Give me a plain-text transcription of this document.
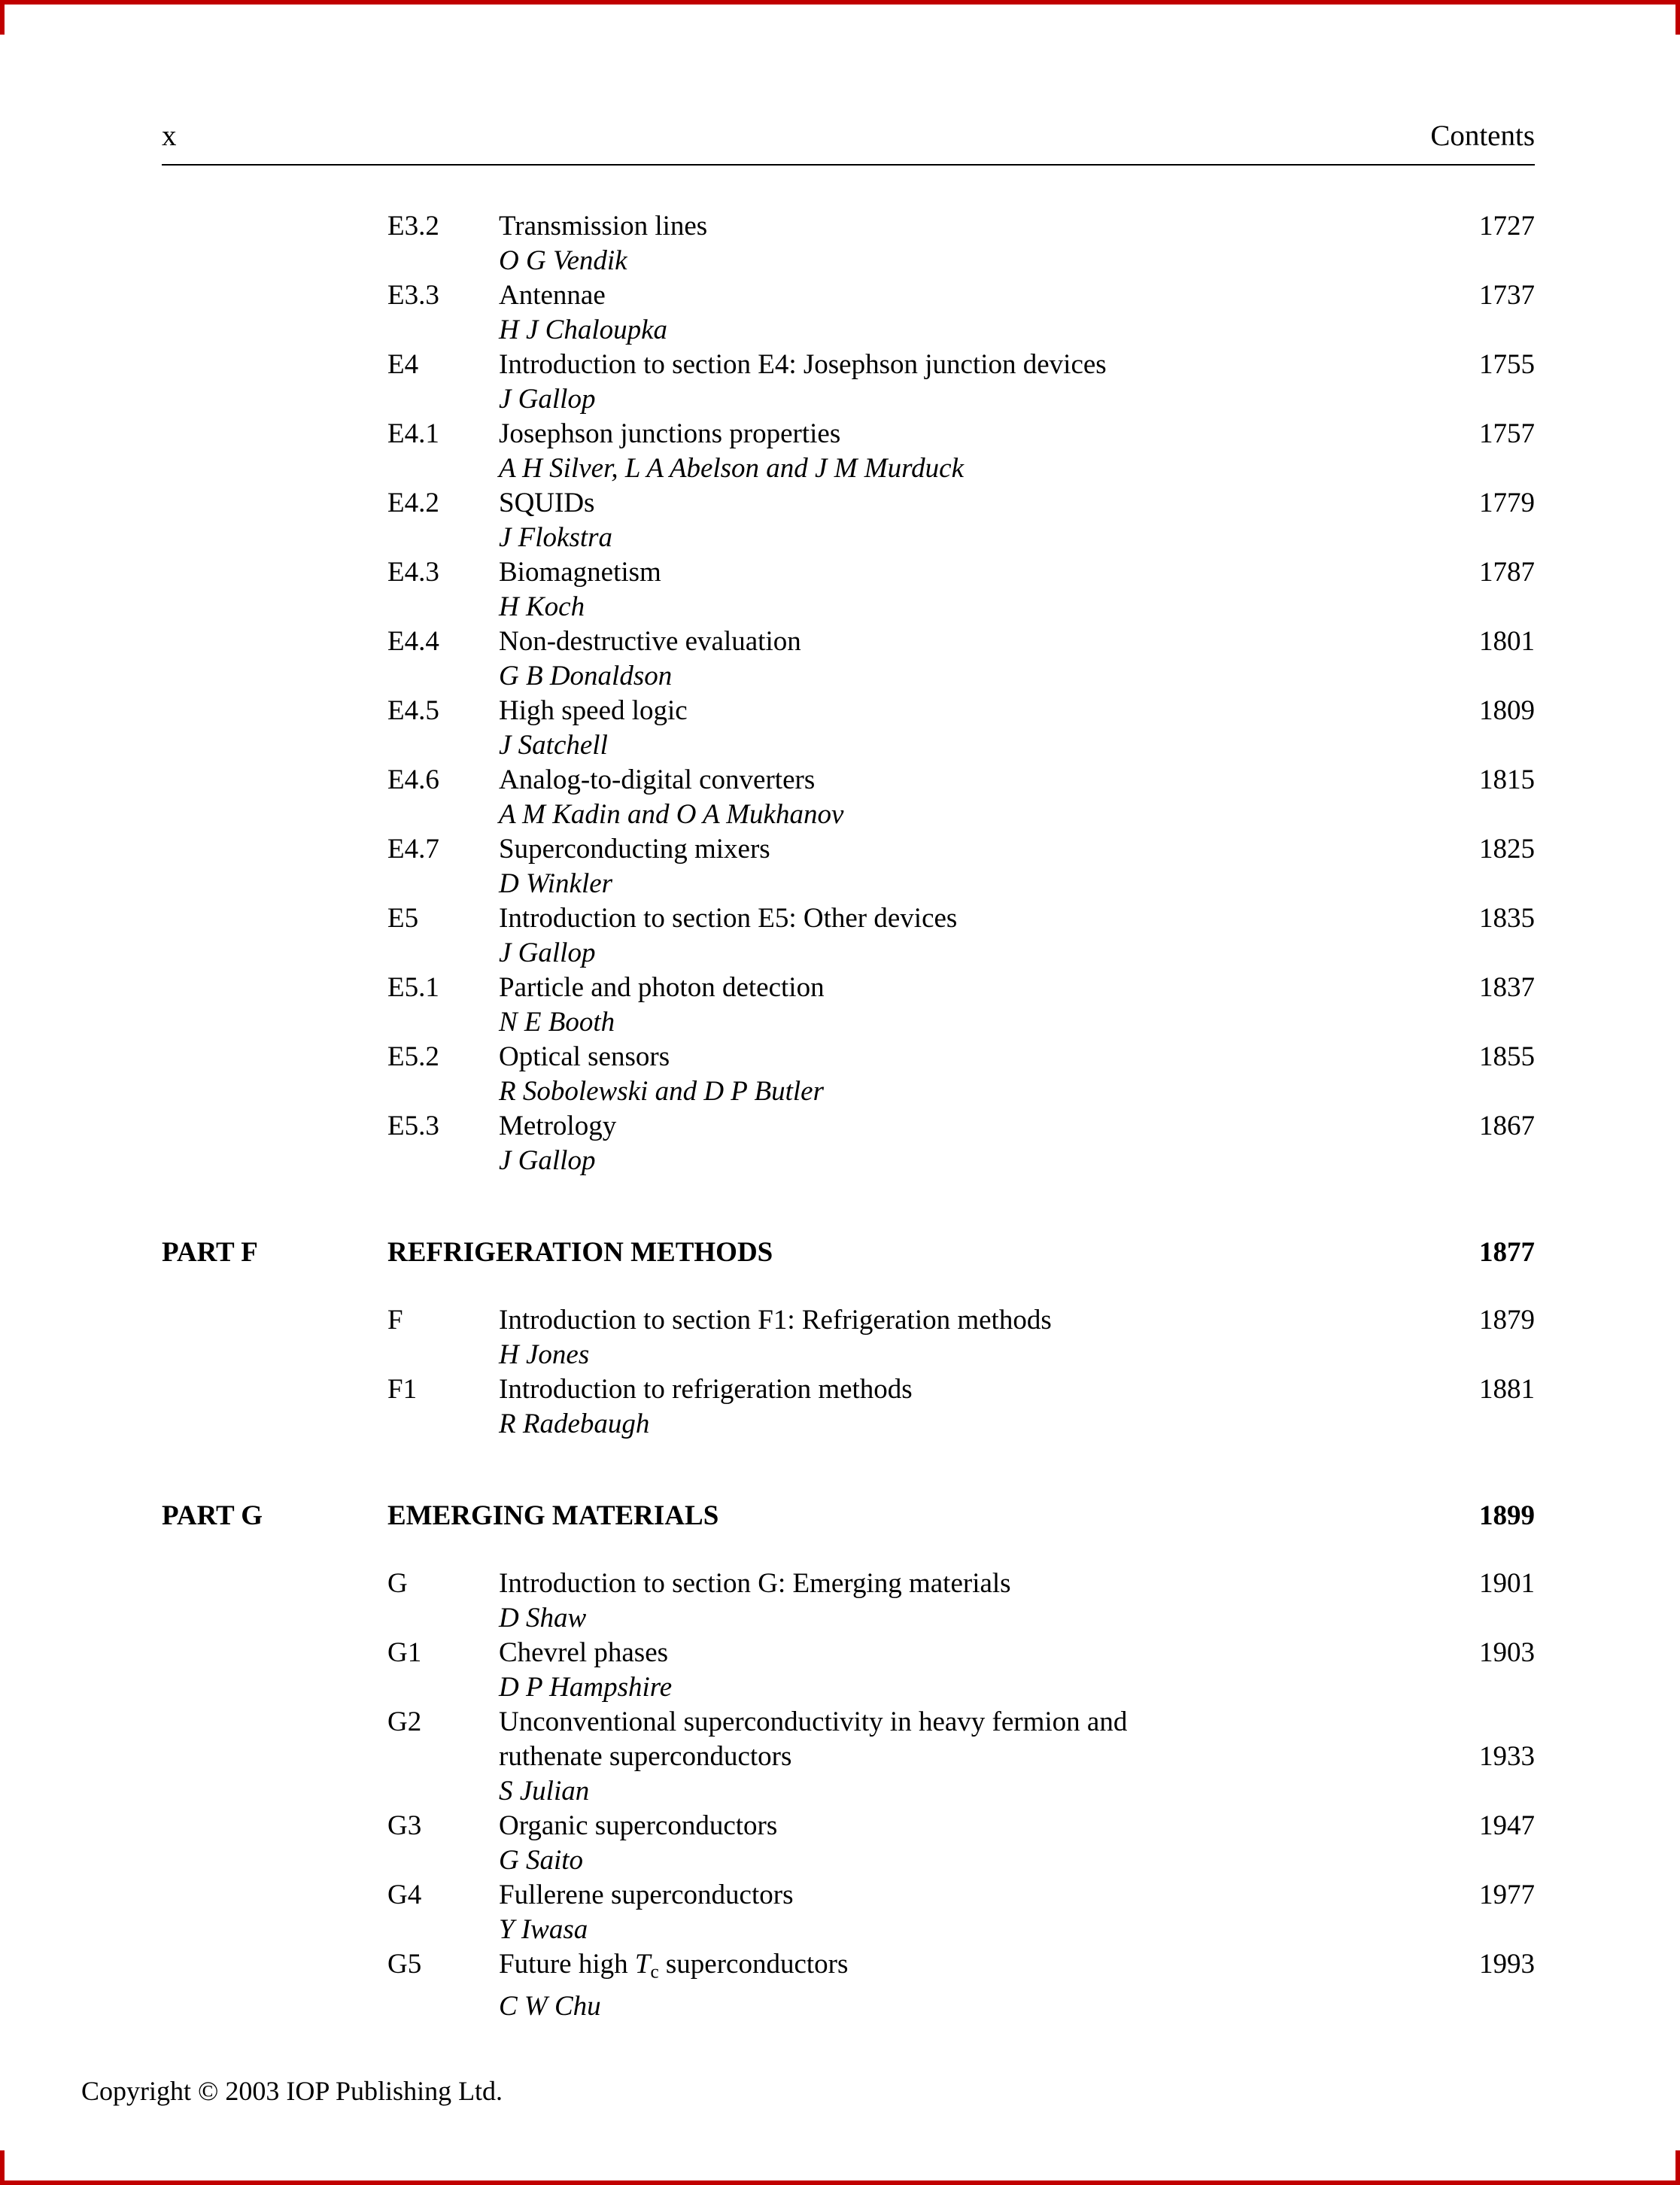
x	Contents
E3.2	Transmission lines	1727
O G Vendik
E3.3	Antennae	1737
H J Chaloupka
E4	Introduction to section E4: Josephson junction devices	1755
J Gallop
E4.1	Josephson junctions properties	1757
A H Silver, L A Abelson and J M Murduck
E4.2	SQUIDs	1779
J Flokstra
E4.3	Biomagnetism	1787
H Koch
E4.4	Non-destructive evaluation	1801
G B Donaldson
E4.5	High speed logic	1809
J Satchell
E4.6	Analog-to-digital converters	1815
A M Kadin and O A Mukhanov
E4.7	Superconducting mixers	1825
D Winkler
E5	Introduction to section E5: Other devices	1835
J Gallop
E5.1	Particle and photon detection	1837
N E Booth
E5.2	Optical sensors	1855
R Sobolewski and D P Butler
E5.3	Metrology	1867
J Gallop
PART F	REFRIGERATION METHODS	1877
F	Introduction to section F1: Refrigeration methods	1879
H Jones
F1	Introduction to refrigeration methods	1881
R Radebaugh
PART G	EMERGING MATERIALS	1899
G	Introduction to section G: Emerging materials	1901
D Shaw
G1	Chevrel phases	1903
D P Hampshire
G2	Unconventional superconductivity in heavy fermion and
ruthenate superconductors	1933
S Julian
G3	Organic superconductors	1947
G Saito
G4	Fullerene superconductors	1977
Y Iwasa
G5	Future high $T_c$ superconductors	1993
C W Chu
Copyright © 2003 IOP Publishing Ltd.
